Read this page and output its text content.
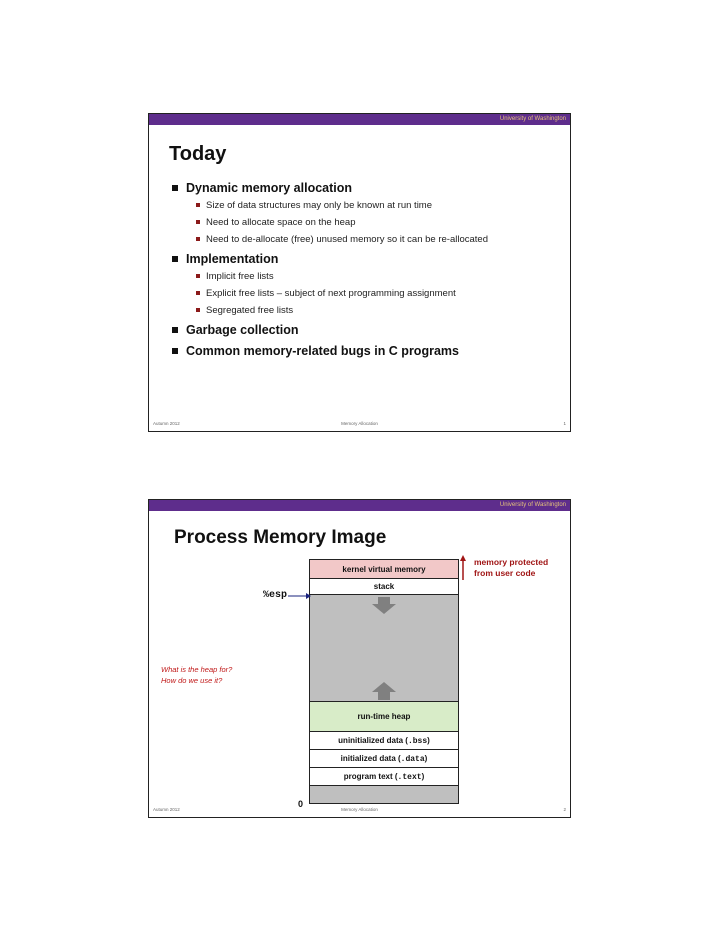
University of Washington
Today
Dynamic memory allocation
Size of data structures may only be known at run time
Need to allocate space on the heap
Need to de-allocate (free) unused memory so it can be re-allocated
Implementation
Implicit free lists
Explicit free lists – subject of next programming assignment
Segregated free lists
Garbage collection
Common memory-related bugs in C programs
Autumn 2012	Memory Allocation	1
University of Washington
Process Memory Image
kernel virtual memory
stack
run-time heap
uninitialized data (.bss)
initialized data (.data)
program text (.text)
%esp
0
memory protected
from user code
What is the heap for?
How do we use it?
Autumn 2012	Memory Allocation	2
